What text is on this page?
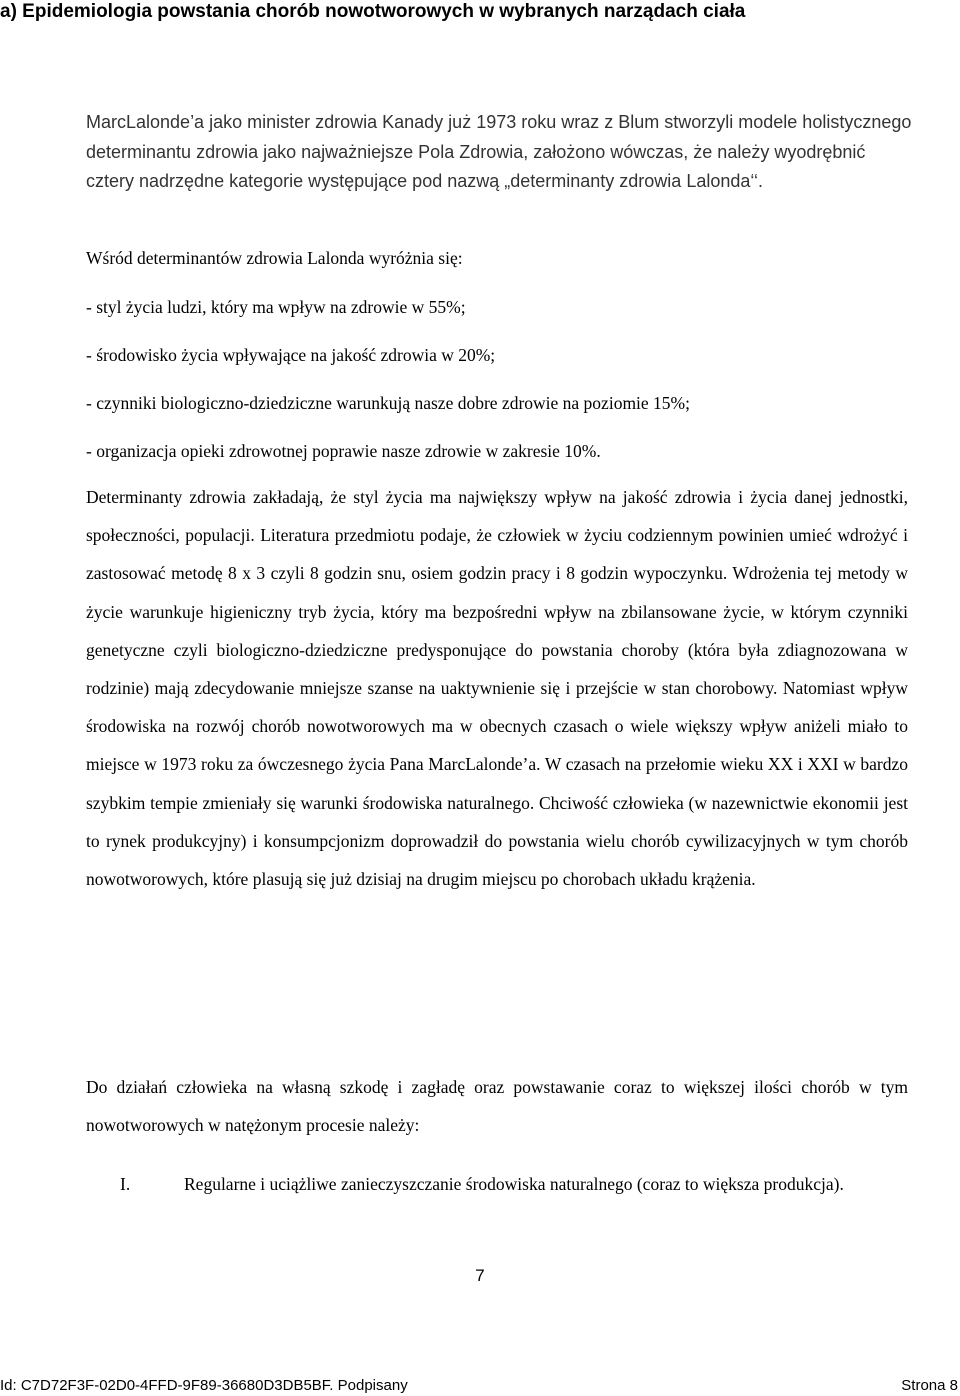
a) Epidemiologia powstania chorób nowotworowych w wybranych narządach ciała

MarcLalonde’a jako minister zdrowia Kanady już 1973 roku wraz z Blum stworzyli modele holistycznego determinantu zdrowia jako najważniejsze Pola Zdrowia, założono wówczas, że należy wyodrębnić cztery nadrzędne kategorie występujące pod nazwą „determinanty zdrowia Lalonda‘‘.

Wśród determinantów zdrowia Lalonda wyróżnia się:

- styl życia ludzi, który ma wpływ na zdrowie w 55%;

- środowisko życia wpływające na jakość zdrowia w 20%;

- czynniki biologiczno-dziedziczne warunkują nasze dobre zdrowie na poziomie 15%;

- organizacja opieki zdrowotnej poprawie nasze zdrowie w zakresie 10%.

Determinanty zdrowia zakładają, że styl życia ma największy wpływ na jakość zdrowia i życia danej jednostki, społeczności, populacji. Literatura przedmiotu podaje, że człowiek w życiu codziennym powinien umieć wdrożyć i zastosować metodę 8 x 3 czyli 8 godzin snu, osiem godzin pracy i 8 godzin wypoczynku. Wdrożenia tej metody w życie warunkuje higieniczny tryb życia, który ma bezpośredni wpływ na zbilansowane życie, w którym czynniki genetyczne czyli biologiczno-dziedziczne predysponujące do powstania choroby (która była zdiagnozowana w rodzinie) mają zdecydowanie mniejsze szanse na uaktywnienie się i przejście w stan chorobowy. Natomiast wpływ środowiska na rozwój chorób nowotworowych ma w obecnych czasach o wiele większy wpływ aniżeli miało to miejsce w 1973 roku za ówczesnego życia Pana MarcLalonde’a. W czasach na przełomie wieku XX i XXI w bardzo szybkim tempie zmieniały się warunki środowiska naturalnego. Chciwość człowieka (w nazewnictwie ekonomii jest to rynek produkcyjny) i konsumpcjonizm doprowadził do powstania wielu chorób cywilizacyjnych w tym chorób nowotworowych, które plasują się już dzisiaj na drugim miejscu po chorobach układu krążenia.

Do działań człowieka na własną szkodę i zagładę oraz powstawanie coraz to większej ilości chorób w tym nowotworowych w natężonym procesie należy:

I.	Regularne i uciążliwe zanieczyszczanie środowiska naturalnego (coraz to większa produkcja).
7
Id: C7D72F3F-02D0-4FFD-9F89-36680D3DB5BF. Podpisany	Strona 8
